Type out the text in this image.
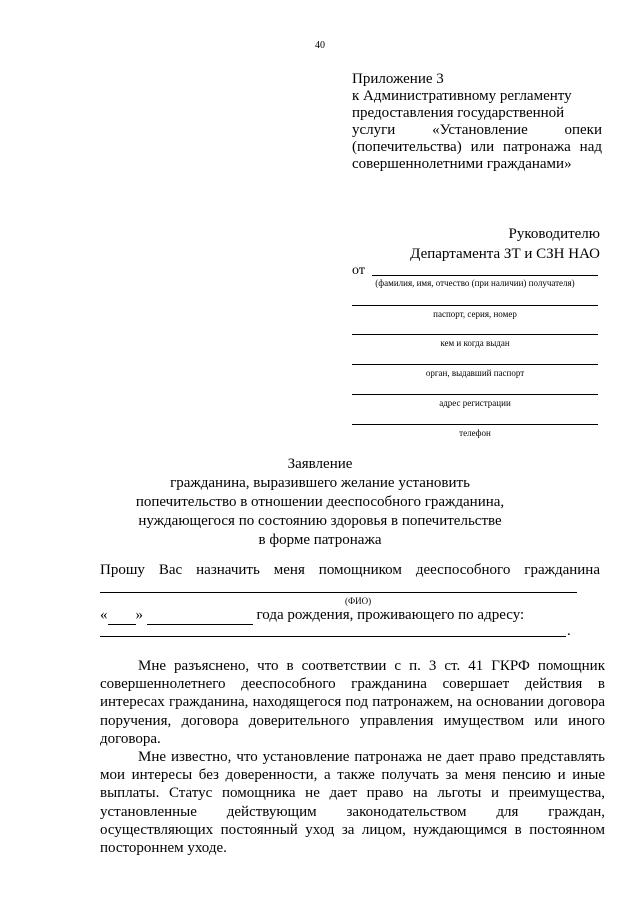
40
Приложение 3
к Административному регламенту
предоставления государственной
услуги «Установление опеки
(попечительства) или патронажа над
совершеннолетними гражданами»
Руководителю
Департамента ЗТ и СЗН НАО
от
(фамилия, имя, отчество (при наличии) получателя)
паспорт, серия, номер
кем и когда выдан
орган, выдавший паспорт
адрес регистрации
телефон
Заявление
гражданина, выразившего желание установить
попечительство в отношении дееспособного гражданина,
нуждающегося по состоянию здоровья в попечительстве
в форме патронажа
Прошу Вас назначить меня помощником дееспособного гражданина
(ФИО)
« »	года рождения, проживающего по адресу:
.
Мне разъяснено, что в соответствии с п. 3 ст. 41 ГКРФ помощник совершеннолетнего дееспособного гражданина совершает действия в интересах гражданина, находящегося под патронажем, на основании договора поручения, договора доверительного управления имуществом или иного договора.
Мне известно, что установление патронажа не дает право представлять мои интересы без доверенности, а также получать за меня пенсию и иные выплаты. Статус помощника не дает право на льготы и преимущества, установленные действующим законодательством для граждан, осуществляющих постоянный уход за лицом, нуждающимся в постоянном постороннем уходе.
